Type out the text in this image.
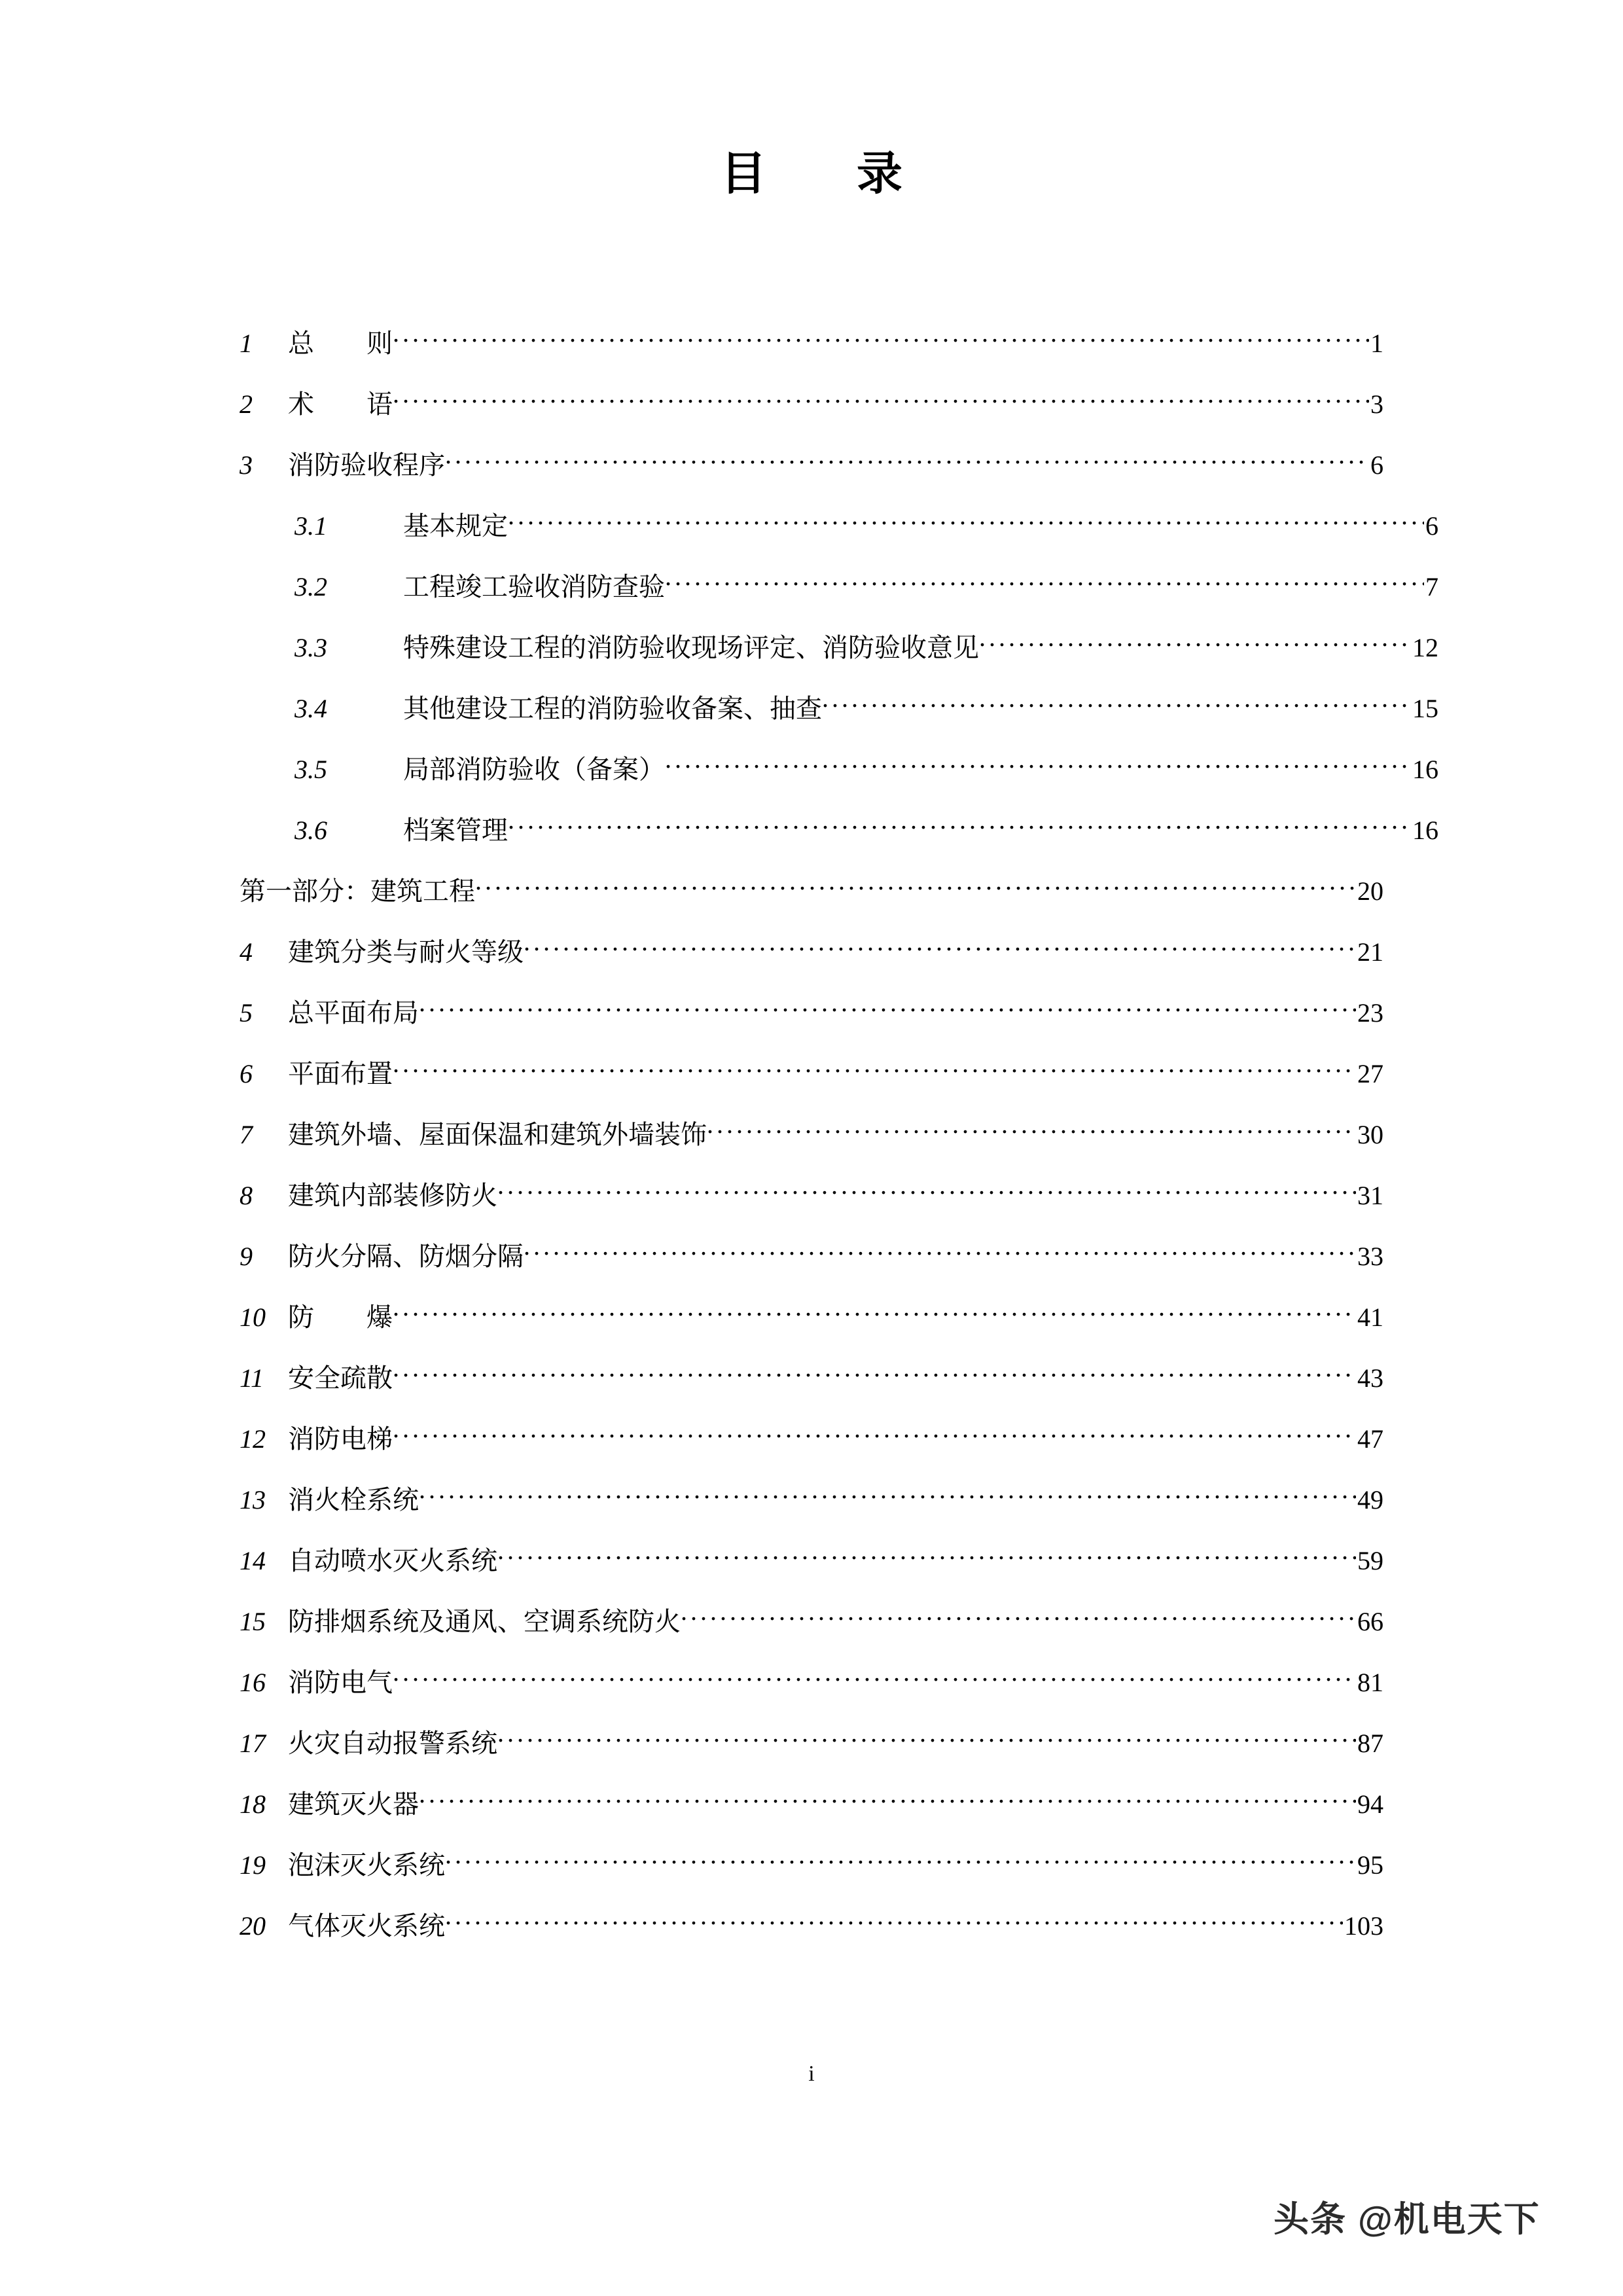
目　录
1	总　　则 .....	1
2	术　　语 .....	3
3	消防验收程序 .....	6
3.1	基本规定 .....	6
3.2	工程竣工验收消防查验 .....	7
3.3	特殊建设工程的消防验收现场评定、消防验收意见 .....	12
3.4	其他建设工程的消防验收备案、抽查 .....	15
3.5	局部消防验收（备案） .....	16
3.6	档案管理 .....	16
第一部分：建筑工程 .....	20
4	建筑分类与耐火等级 .....	21
5	总平面布局 .....	23
6	平面布置 .....	27
7	建筑外墙、屋面保温和建筑外墙装饰 .....	30
8	建筑内部装修防火 .....	31
9	防火分隔、防烟分隔 .....	33
10 防　　爆 .....	41
11 安全疏散 .....	43
12 消防电梯 .....	47
13 消火栓系统 .....	49
14 自动喷水灭火系统 .....	59
15 防排烟系统及通风、空调系统防火 .....	66
16 消防电气 .....	81
17 火灾自动报警系统 .....	87
18 建筑灭火器 .....	94
19 泡沫灭火系统 .....	95
20 气体灭火系统 .....	103
i
头条 @机电天下
